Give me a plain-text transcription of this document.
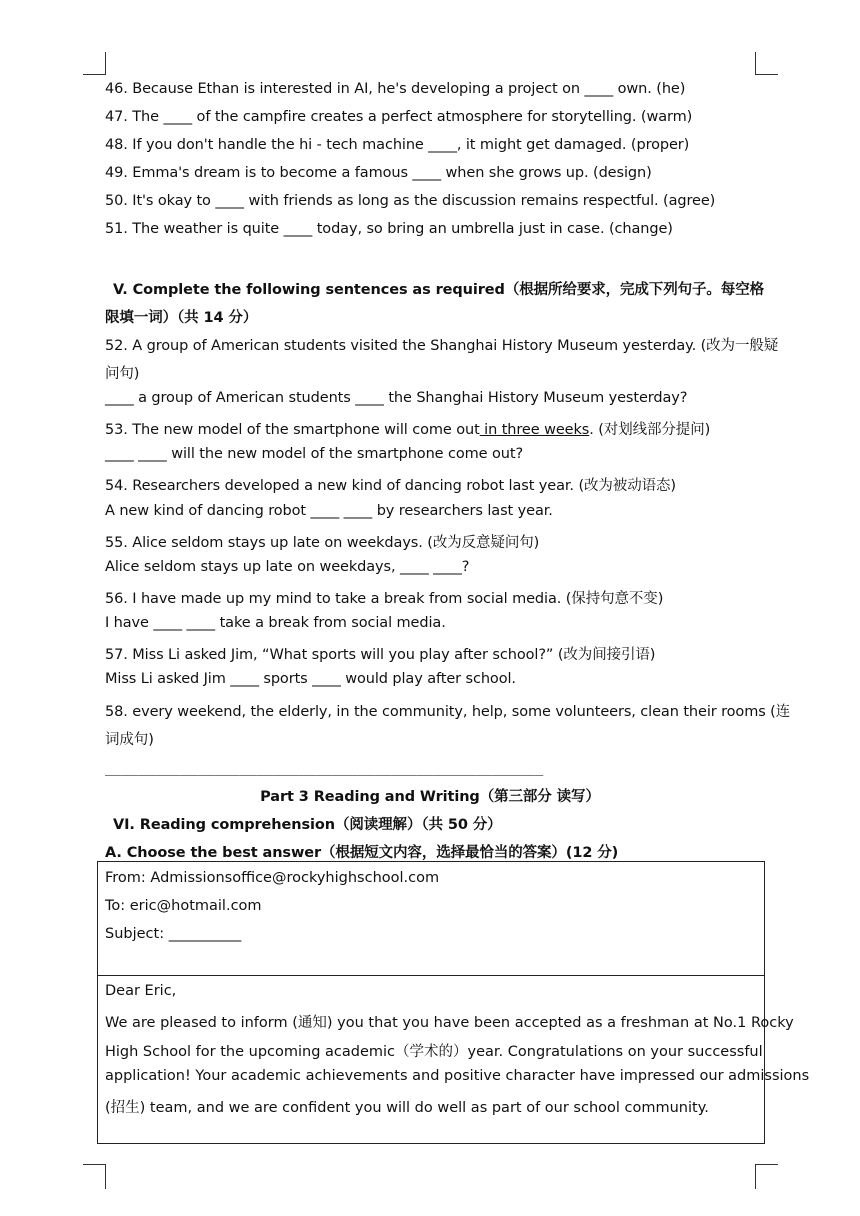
46. Because Ethan is interested in AI, he's developing a project on ____ own. (he)
47. The ____ of the campfire creates a perfect atmosphere for storytelling. (warm)
48. If you don't handle the hi - tech machine ____, it might get damaged. (proper)
49. Emma's dream is to become a famous ____ when she grows up. (design)
50. It's okay to ____ with friends as long as the discussion remains respectful. (agree)
51. The weather is quite ____ today, so bring an umbrella just in case. (change)
V. Complete the following sentences as required（根据所给要求，完成下列句子。每空格
限填一词）（共 14 分）
52. A group of American students visited the Shanghai History Museum yesterday. (改为一般疑
问句)
____ a group of American students ____ the Shanghai History Museum yesterday?
53. The new model of the smartphone will come out in three weeks. (对划线部分提问)
____ ____ will the new model of the smartphone come out?
54. Researchers developed a new kind of dancing robot last year. (改为被动语态)
A new kind of dancing robot ____ ____ by researchers last year.
55. Alice seldom stays up late on weekdays. (改为反意疑问句)
Alice seldom stays up late on weekdays, ____ ____?
56. I have made up my mind to take a break from social media. (保持句意不变)
I have ____ ____ take a break from social media.
57. Miss Li asked Jim, “What sports will you play after school?” (改为间接引语)
Miss Li asked Jim ____ sports ____ would play after school.
58. every weekend, the elderly, in the community, help, some volunteers, clean their rooms (连
词成句)
____________________________________________________
Part 3 Reading and Writing（第三部分 读写）
VI. Reading comprehension（阅读理解）（共 50 分）
A. Choose the best answer（根据短文内容，选择最恰当的答案）(12 分)
From: Admissionsoffice@rockyhighschool.com
To: eric@hotmail.com
Subject: __________
Dear Eric,
We are pleased to inform (通知) you that you have been accepted as a freshman at No.1 Rocky
High School for the upcoming academic（学术的）year. Congratulations on your successful
application! Your academic achievements and positive character have impressed our admissions
(招生) team, and we are confident you will do well as part of our school community.
